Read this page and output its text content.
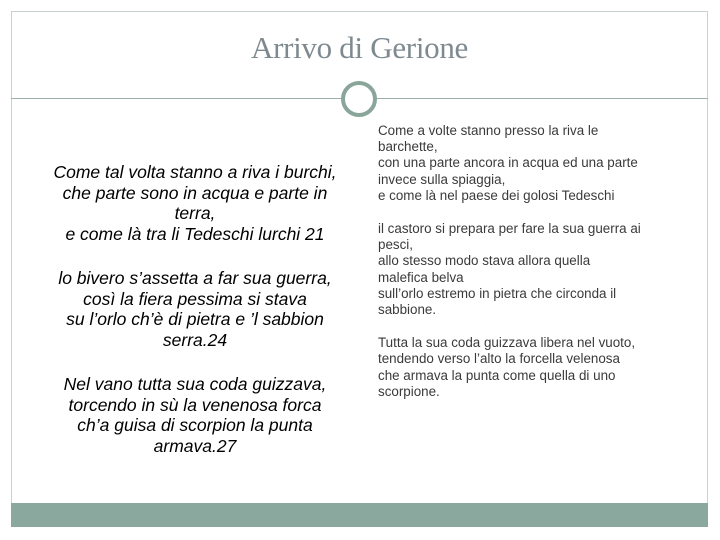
Arrivo di Gerione

Come tal volta stanno a riva i burchi,
che parte sono in acqua e parte in
terra,
e come là tra li Tedeschi lurchi 21

lo bivero s’assetta a far sua guerra,
così la fiera pessima si stava
su l’orlo ch’è di pietra e ’l sabbion
serra.24

Nel vano tutta sua coda guizzava,
torcendo in sù la venenosa forca
ch’a guisa di scorpion la punta
armava.27

Come a volte stanno presso la riva le
barchette,
con una parte ancora in acqua ed una parte
invece sulla spiaggia,
e come là nel paese dei golosi Tedeschi

il castoro si prepara per fare la sua guerra ai
pesci,
allo stesso modo stava allora quella
malefica belva
sull’orlo estremo in pietra che circonda il
sabbione.

Tutta la sua coda guizzava libera nel vuoto,
tendendo verso l’alto la forcella velenosa
che armava la punta come quella di uno
scorpione.
